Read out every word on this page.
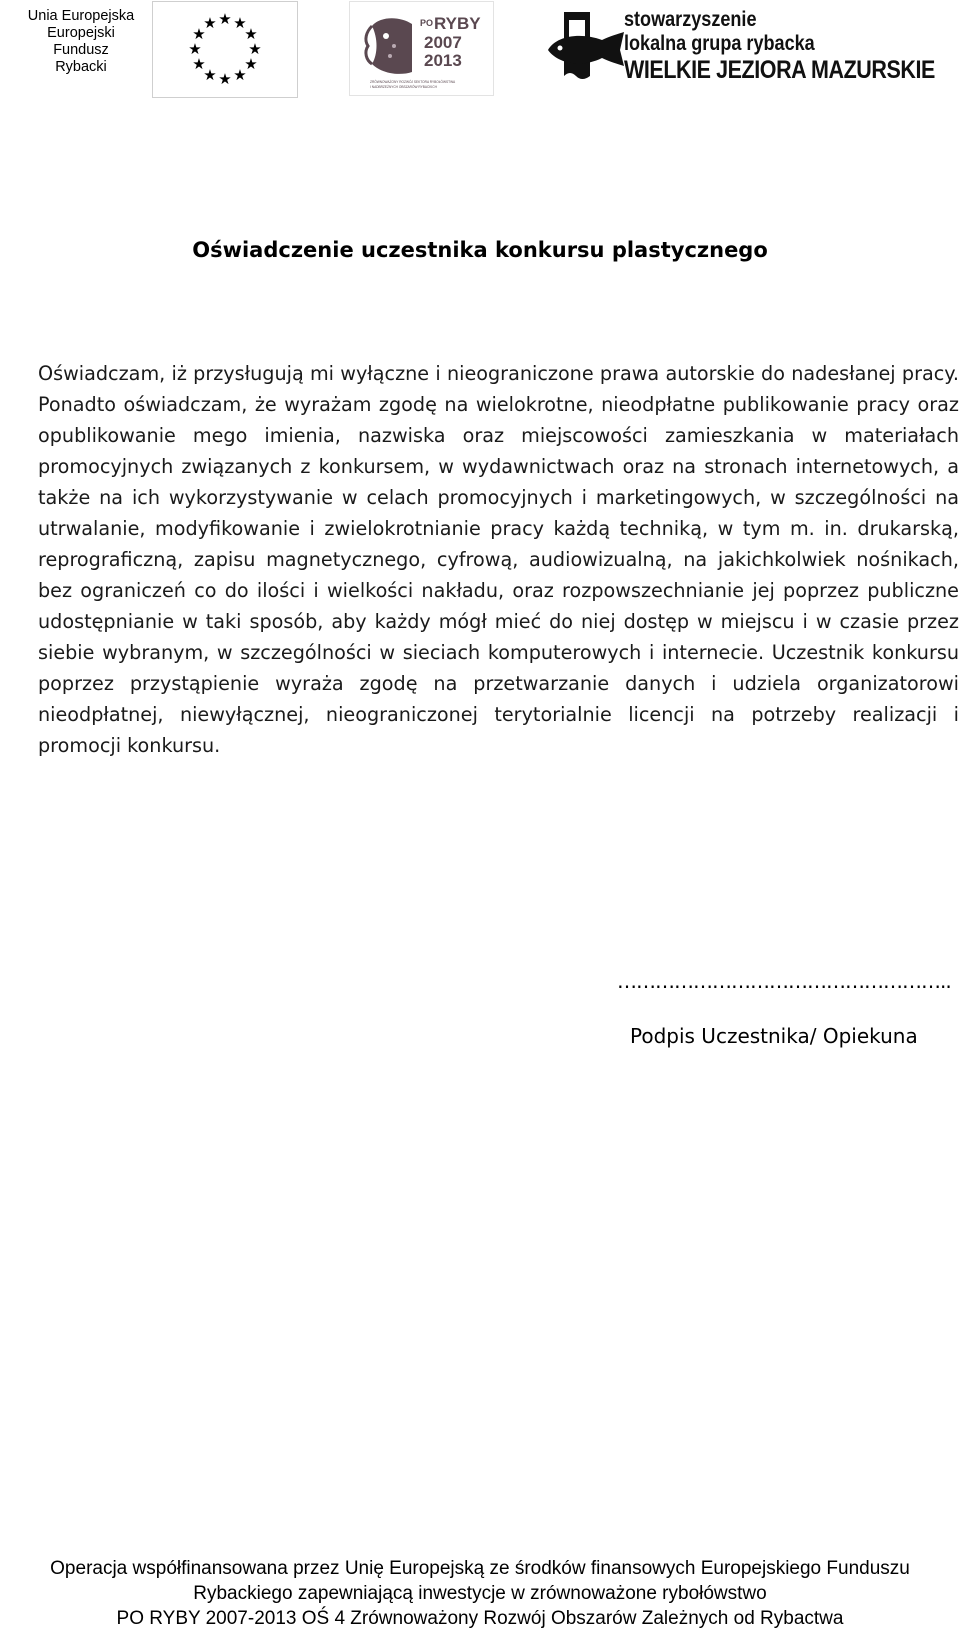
Unia Europejska
Europejski
Fundusz
Rybacki
★ ★
★
★
★
★
★
★
★
★
★
★	PO RYBY
2007
2013
ZRÓWNOWAŻONY ROZWÓJ SEKTORA RYBOŁÓWSTWA
I NADBRZEŻNYCH OBSZARÓW RYBACKICH
stowarzyszenie
lokalna grupa rybacka
WIELKIE JEZIORA MAZURSKIE
Oświadczenie uczestnika konkursu plastycznego
Oświadczam, iż przysługują mi wyłączne i nieograniczone prawa autorskie do nadesłanej pracy. Ponadto oświadczam, że wyrażam zgodę na wielokrotne, nieodpłatne publikowanie pracy oraz opublikowanie mego imienia, nazwiska oraz miejscowości zamieszkania w materiałach promocyjnych związanych z konkursem, w wydawnictwach oraz na stronach internetowych, a także na ich wykorzystywanie w celach promocyjnych i marketingowych, w szczególności na utrwalanie, modyfikowanie i zwielokrotnianie pracy każdą techniką, w tym m. in. drukarską, reprograficzną, zapisu magnetycznego, cyfrową, audiowizualną, na jakichkolwiek nośnikach, bez ograniczeń co do ilości i wielkości nakładu, oraz rozpowszechnianie jej poprzez publiczne udostępnianie w taki sposób, aby każdy mógł mieć do niej dostęp w miejscu i w czasie przez siebie wybranym, w szczególności w sieciach komputerowych i internecie. Uczestnik konkursu poprzez przystąpienie wyraża zgodę na przetwarzanie danych i udziela organizatorowi nieodpłatnej, niewyłącznej, nieograniczonej terytorialnie licencji na potrzeby realizacji i promocji konkursu.
……………………………………………..
Podpis Uczestnika/ Opiekuna
Operacja współfinansowana przez Unię Europejską ze środków finansowych Europejskiego Funduszu
Rybackiego zapewniającą inwestycje w zrównoważone rybołówstwo
PO RYBY 2007-2013 OŚ 4 Zrównoważony Rozwój Obszarów Zależnych od Rybactwa
